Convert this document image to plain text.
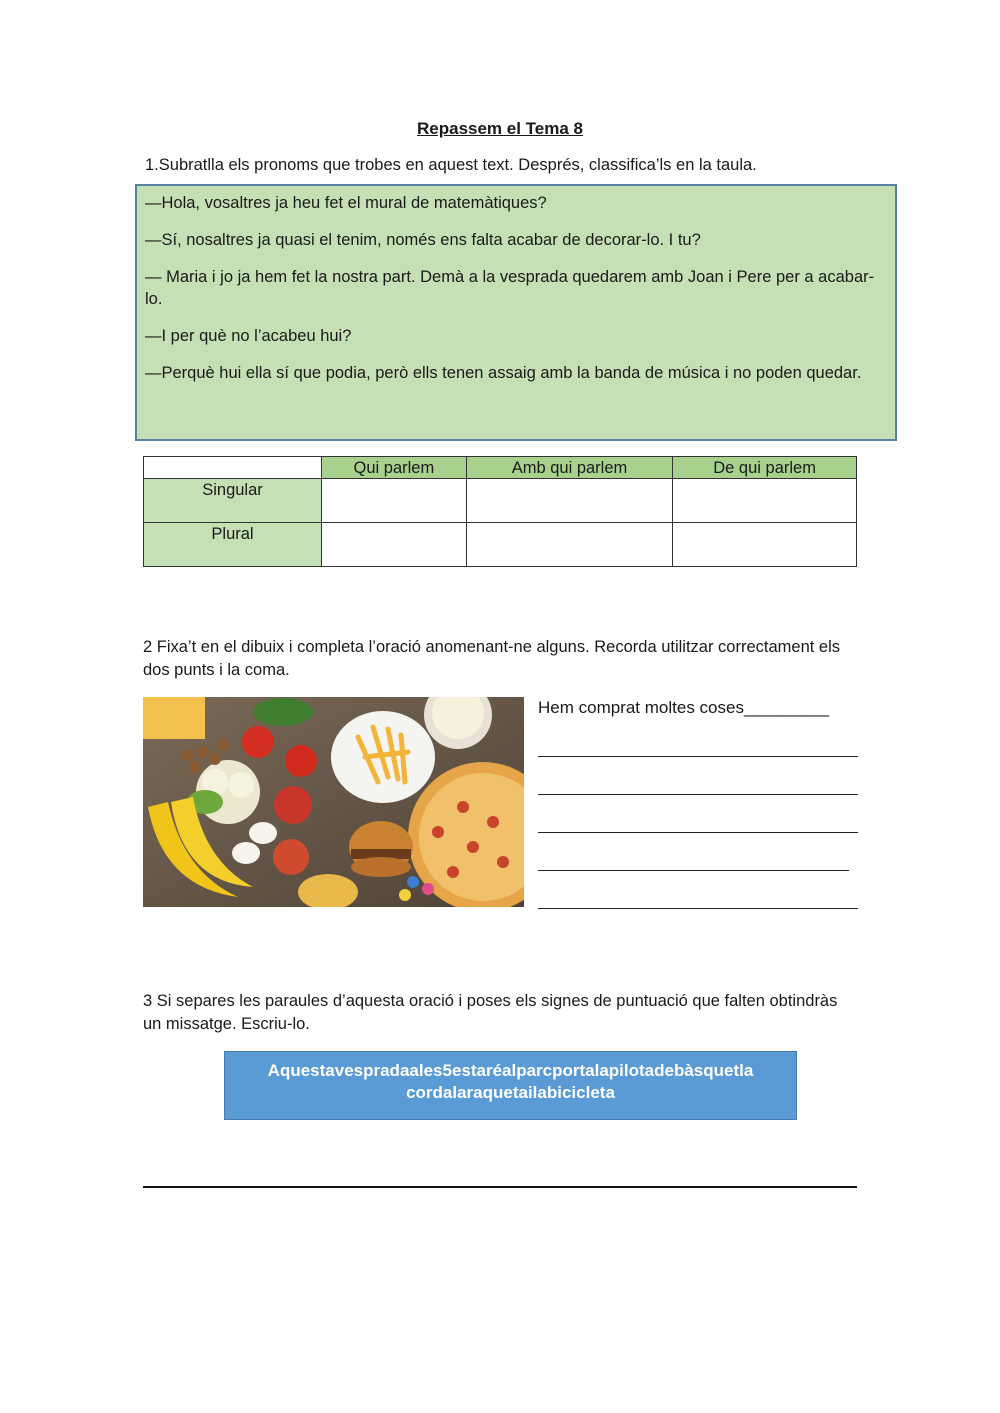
Repassem el Tema 8
1.Subratlla els pronoms que trobes en aquest text. Després, classifica’ls en la taula.

—Hola, vosaltres ja heu fet el mural de matemàtiques?

—Sí, nosaltres ja quasi el tenim, només ens falta acabar de decorar-lo. I tu?

— Maria i jo ja hem fet la nostra part. Demà a la vesprada quedarem amb Joan i Pere per a acabar-lo.

—I per què no l’acabeu hui?

—Perquè hui ella sí que podia, però ells tenen assaig amb la banda de música i no poden quedar.

	Qui parlem	Amb qui parlem	De qui parlem
Singular			
Plural			
2 Fixa’t en el dibuix i completa l’oració anomenant-ne alguns. Recorda utilitzar correctament els dos punts i la coma.
Hem comprat moltes coses_________
3 Si separes les paraules d’aquesta oració i poses els signes de puntuació que falten obtindràs un missatge. Escriu-lo.
Aquestavespradaales5estaréalparcportalapilotadebàsquetla
cordalaraquetailabicicleta
